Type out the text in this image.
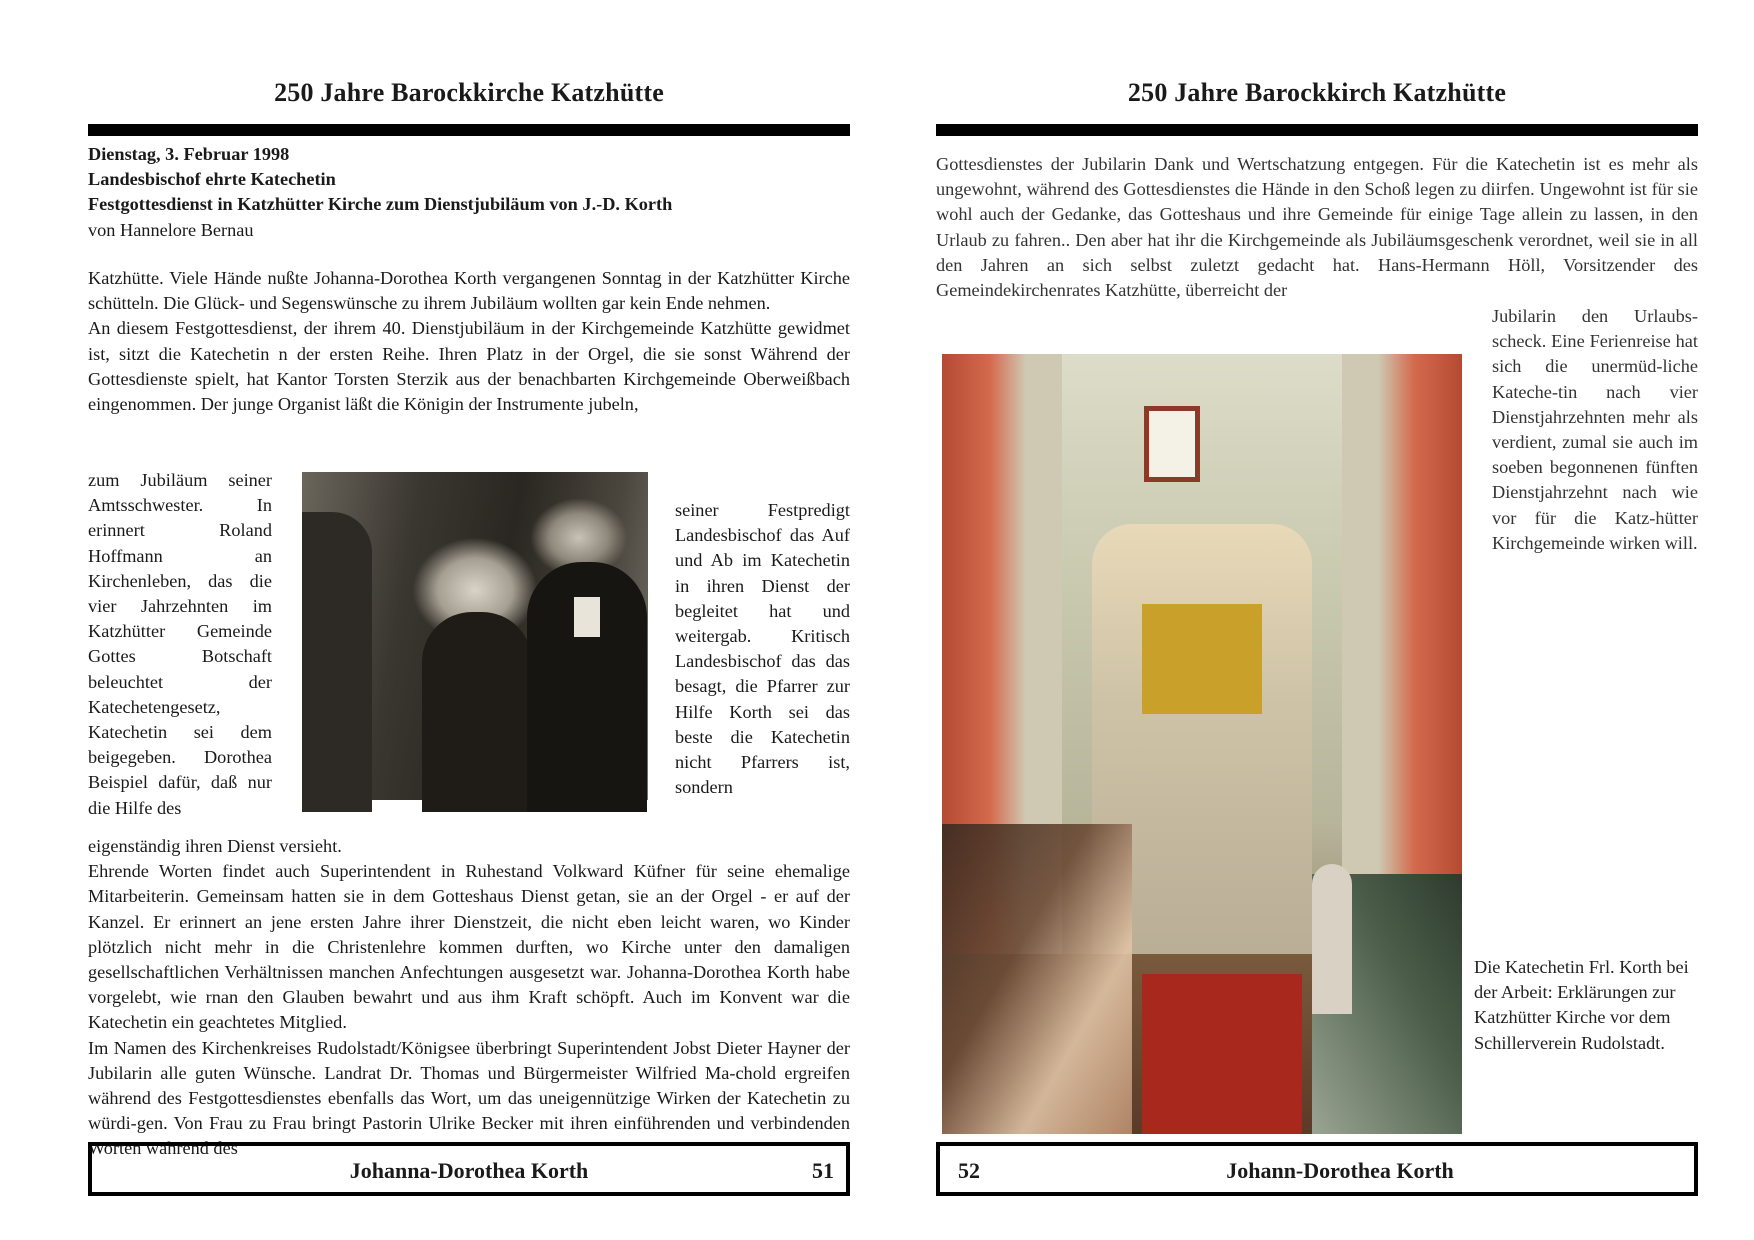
250 Jahre Barockkirche Katzhütte
Dienstag, 3. Februar 1998
Landesbischof ehrte Katechetin
Festgottesdienst in Katzhütter Kirche zum Dienstjubiläum von J.-D. Korth
von Hannelore Bernau

Katzhütte. Viele Hände nußte Johanna-Dorothea Korth vergangenen Sonntag in der Katzhütter Kirche schütteln. Die Glück- und Segenswünsche zu ihrem Jubiläum wollten gar kein Ende nehmen.

An diesem Festgottesdienst, der ihrem 40. Dienstjubiläum in der Kirchgemeinde Katzhütte gewidmet ist, sitzt die Katechetin n der ersten Reihe. Ihren Platz in der Orgel, die sie sonst Während der Gottesdienste spielt, hat Kantor Torsten Sterzik aus der benachbarten Kirchgemeinde Oberweißbach eingenommen. Der junge Organist läßt die Königin der Instrumente jubeln,

zum Jubiläum seiner Amtsschwester. In erinnert Roland Hoffmann an Kirchenleben, das die vier Jahrzehnten im Katzhütter Gemeinde Gottes Botschaft beleuchtet der Katechetengesetz, Katechetin sei dem beigegeben. Dorothea Beispiel dafür, daß nur die Hilfe des
seiner Festpredigt Landesbischof das Auf und Ab im Katechetin in ihren Dienst der begleitet hat und weitergab. Kritisch Landesbischof das das besagt, die Pfarrer zur Hilfe Korth sei das beste die Katechetin nicht Pfarrers ist, sondern

eigenständig ihren Dienst versieht.

Ehrende Worten findet auch Superintendent in Ruhestand Volkward Küfner für seine ehemalige Mitarbeiterin. Gemeinsam hatten sie in dem Gotteshaus Dienst getan, sie an der Orgel - er auf der Kanzel. Er erinnert an jene ersten Jahre ihrer Dienstzeit, die nicht eben leicht waren, wo Kinder plötzlich nicht mehr in die Christenlehre kommen durften, wo Kirche unter den damaligen gesellschaftlichen Verhältnissen manchen Anfechtungen ausgesetzt war. Johanna-Dorothea Korth habe vorgelebt, wie rnan den Glauben bewahrt und aus ihm Kraft schöpft. Auch im Konvent war die Katechetin ein geachtetes Mitglied.

Im Namen des Kirchenkreises Rudolstadt/Königsee überbringt Superintendent Jobst Dieter Hayner der Jubilarin alle guten Wünsche. Landrat Dr. Thomas und Bürgermeister Wilfried Ma-chold ergreifen während des Festgottesdienstes ebenfalls das Wort, um das uneigennützige Wirken der Katechetin zu würdi-gen. Von Frau zu Frau bringt Pastorin Ulrike Becker mit ihren einführenden und verbindenden Worten während des

Johanna-Dorothea Korth	51
250 Jahre Barockkirch Katzhütte
Gottesdienstes der Jubilarin Dank und Wertschatzung entgegen. Für die Katechetin ist es mehr als ungewohnt, während des Gottesdienstes die Hände in den Schoß legen zu diirfen. Ungewohnt ist für sie wohl auch der Gedanke, das Gotteshaus und ihre Gemeinde für einige Tage allein zu lassen, in den Urlaub zu fahren.. Den aber hat ihr die Kirchgemeinde als Jubiläumsgeschenk verordnet, weil sie in all den Jahren an sich selbst zuletzt gedacht hat. Hans-Hermann Höll, Vorsitzender des Gemeindekirchenrates Katzhütte, überreicht der
Jubilarin den Urlaubs-scheck. Eine Ferienreise hat sich die unermüd-liche Kateche-tin nach vier Dienstjahrzehnten mehr als verdient, zumal sie auch im soeben begonnenen fünften Dienstjahrzehnt nach wie vor für die Katz-hütter Kirchgemeinde wirken will.
Die Katechetin Frl. Korth bei der Arbeit: Erklärungen zur Katzhütter Kirche vor dem Schillerverein Rudolstadt.
52	Johann-Dorothea Korth
